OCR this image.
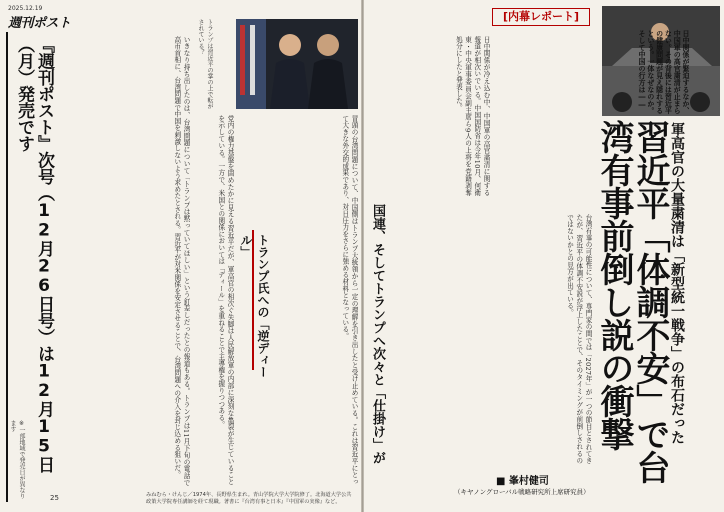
2025.12.19
週刊ポスト

『週刊ポスト』次号（12月26日号）は12月15日（月）発売です

※一部地域で発売日が異なります	いきなり持ち出したのは、台湾問題について「トランプは黙っていてほしい」という釘差しだったとの報道もある。トランプは11月下旬の電話で高市首相に、台湾問題で中国を刺激しないよう求めたとされる。習近平が対米関係を安定させることで、台湾問題への介入を封じ込める狙いだ。	党内の権力基盤を固めたかに見える習近平だが、軍高官の相次ぐ失脚は人民解放軍の内部に深刻な亀裂が生じていることを示している。一方で、米国との関係においては「ディール」を重ねることで主導権を握りつつある。	冒頭の台湾問題について、中国側はトランプ大統領から一定の理解を引き出したと受け止めている。これは習近平にとって大きな外交的成果であり、対日圧力をさらに強める材料となっている。

トランプは習近平の掌の上で転がされている？

トランプ氏への「逆ディール」

25	みねむら・けんじ／1974年、長野県生まれ。青山学院大学大学院修了。北海道大学公共政策大学院専任講師を経て現職。著書に『台湾有事と日本』『中国軍の実像』など。
[内幕レポート]

日中関係が緊迫するなか、中国軍の高官粛清が止まらない。その背後には習近平の健康問題が見え隠れするという。一体なぜなのか。そして中国の行方は――

軍高官の大量粛清は「新型統一戦争」の布石だった

習近平「体調不安」で台湾有事前倒し説の衝撃

日中関係が冷え込む中、中国軍の高官粛清に関する報道が相次いでいる。中国国防省は今年10月、何衛東・中央軍事委員会副主席ら9人の上将を党籍剥奪処分にしたと発表した。
台湾有事の可能性について、専門家の間では「2027年」が一つの節目とされてきたが、習近平の体調不安説が浮上したことで、そのタイミングが前倒しされるのではないかとの見方が出ている。

国連、そしてトランプへ次々と「仕掛け」が

■ 峯村健司
（キヤノングローバル戦略研究所上席研究員）
